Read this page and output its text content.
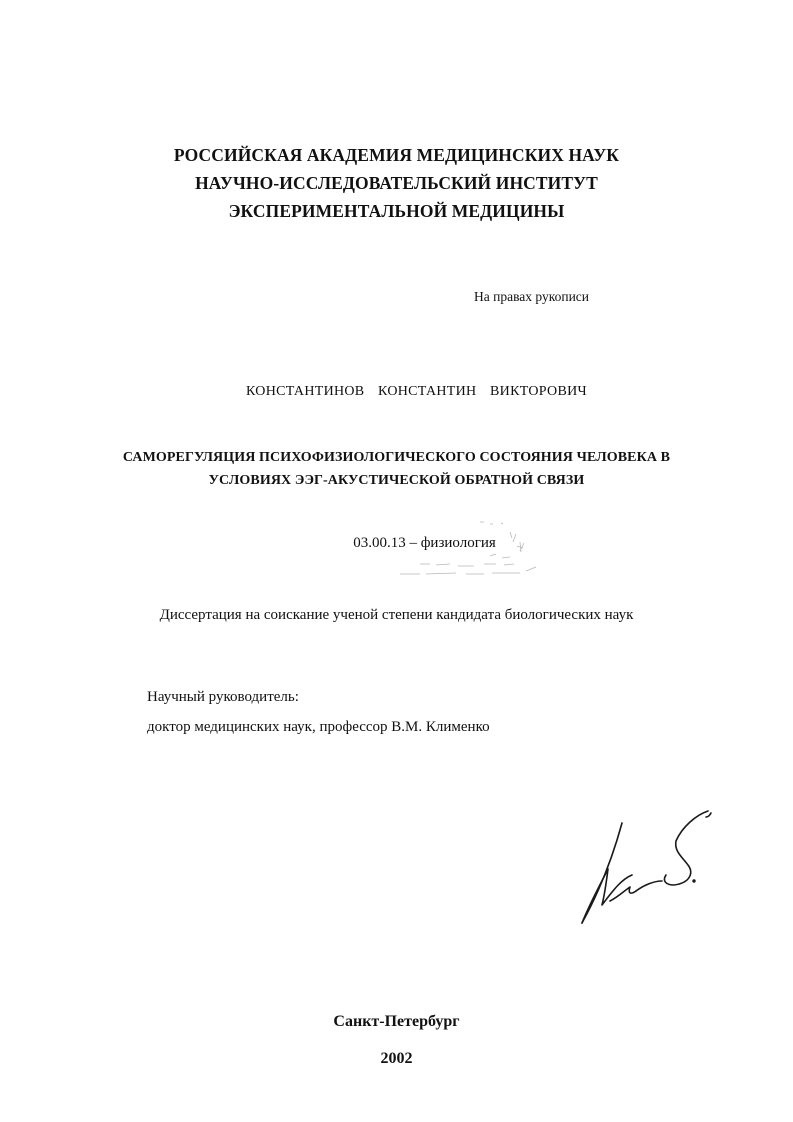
РОССИЙСКАЯ АКАДЕМИЯ МЕДИЦИНСКИХ НАУК
НАУЧНО-ИССЛЕДОВАТЕЛЬСКИЙ ИНСТИТУТ
ЭКСПЕРИМЕНТАЛЬНОЙ МЕДИЦИНЫ
На правах рукописи
КОНСТАНТИНОВ  КОНСТАНТИН  ВИКТОРОВИЧ
САМОРЕГУЛЯЦИЯ ПСИХОФИЗИОЛОГИЧЕСКОГО СОСТОЯНИЯ ЧЕЛОВЕКА В
УСЛОВИЯХ ЭЭГ-АКУСТИЧЕСКОЙ ОБРАТНОЙ СВЯЗИ
03.00.13 – физиология
Диссертация на соискание ученой степени кандидата биологических наук
Научный руководитель:
доктор медицинских наук, профессор В.М. Клименко
Санкт-Петербург
2002
